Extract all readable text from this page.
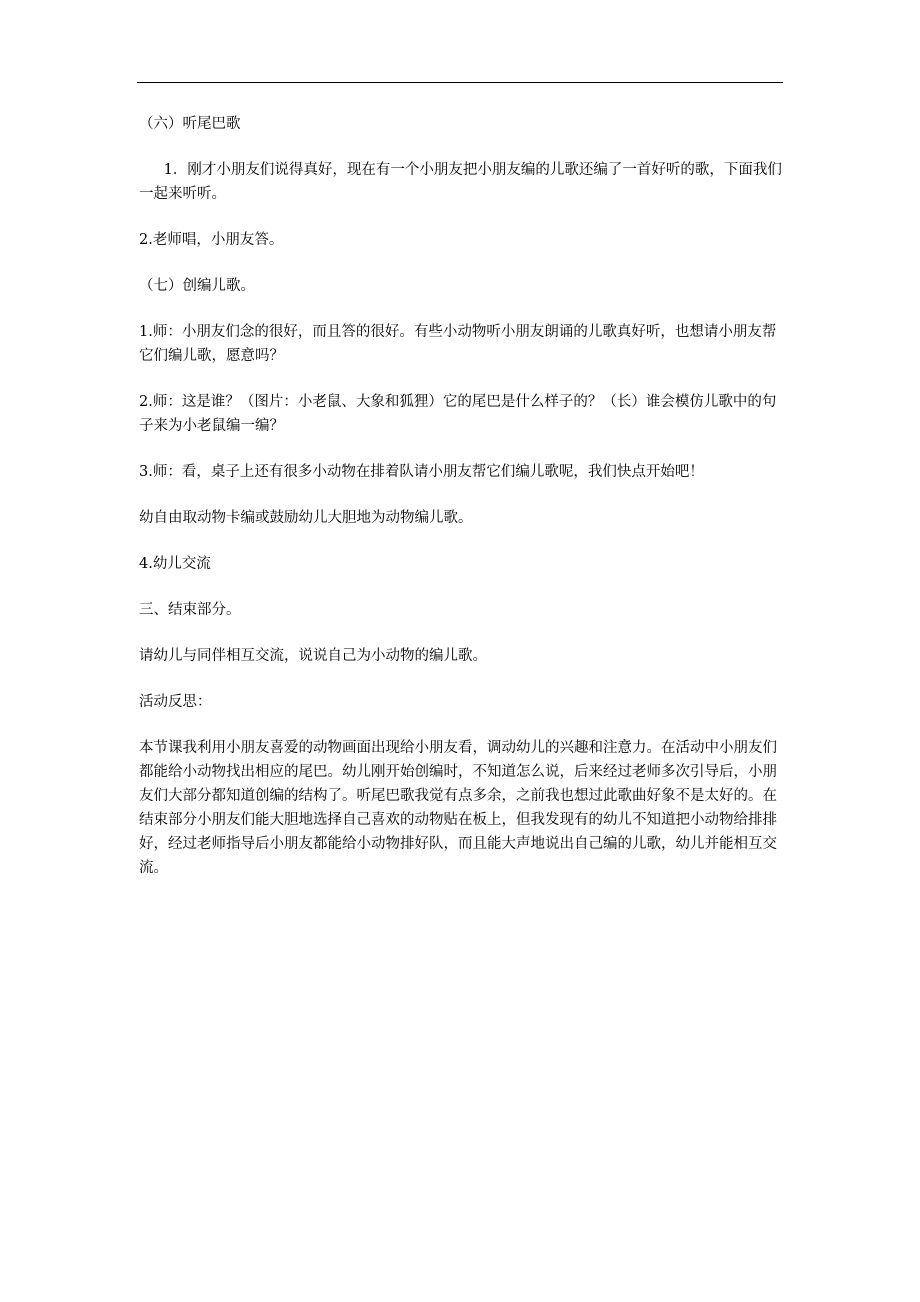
（六）听尾巴歌

1．刚才小朋友们说得真好，现在有一个小朋友把小朋友编的儿歌还编了一首好听的歌，下面我们一起来听听。

2.老师唱，小朋友答。

（七）创编儿歌。

1.师：小朋友们念的很好，而且答的很好。有些小动物听小朋友朗诵的儿歌真好听，也想请小朋友帮它们编儿歌，愿意吗？

2.师：这是谁？（图片：小老鼠、大象和狐狸）它的尾巴是什么样子的？（长）谁会模仿儿歌中的句子来为小老鼠编一编？

3.师：看，桌子上还有很多小动物在排着队请小朋友帮它们编儿歌呢，我们快点开始吧！

幼自由取动物卡编或鼓励幼儿大胆地为动物编儿歌。

4.幼儿交流

三、结束部分。

请幼儿与同伴相互交流，说说自己为小动物的编儿歌。

活动反思：

本节课我利用小朋友喜爱的动物画面出现给小朋友看，调动幼儿的兴趣和注意力。在活动中小朋友们都能给小动物找出相应的尾巴。幼儿刚开始创编时，不知道怎么说，后来经过老师多次引导后，小朋友们大部分都知道创编的结构了。听尾巴歌我觉有点多余，之前我也想过此歌曲好象不是太好的。在结束部分小朋友们能大胆地选择自己喜欢的动物贴在板上，但我发现有的幼儿不知道把小动物给排排好，经过老师指导后小朋友都能给小动物排好队，而且能大声地说出自己编的儿歌，幼儿并能相互交流。
